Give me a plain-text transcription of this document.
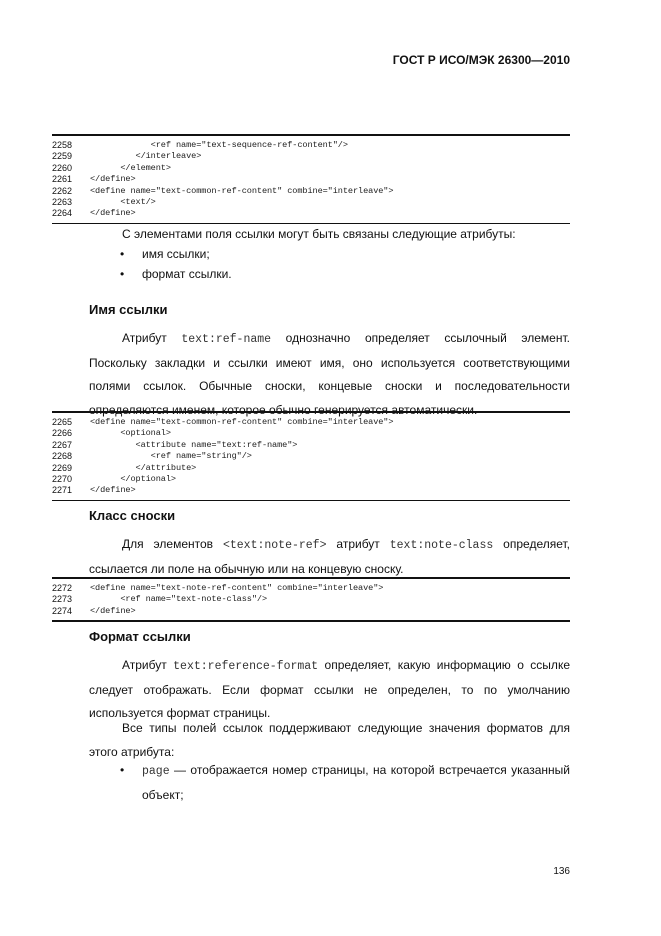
ГОСТ Р ИСО/МЭК 26300—2010
2258	<ref name="text-sequence-ref-content"/>
2259	</interleave>
2260	</element>
2261	</define>
2262	<define name="text-common-ref-content" combine="interleave">
2263	<text/>
2264	</define>
С элементами поля ссылки могут быть связаны следующие атрибуты:
• имя ссылки;
• формат ссылки.
Имя ссылки
Атрибут text:ref-name однозначно определяет ссылочный элемент. Поскольку закладки и ссылки имеют имя, оно используется соответствующими полями ссылок. Обычные сноски, концевые сноски и последовательности определяются именем, которое обычно генерируется автоматически.
2265	<define name="text-common-ref-content" combine="interleave">
2266	<optional>
2267	<attribute name="text:ref-name">
2268	<ref name="string"/>
2269	</attribute>
2270	</optional>
2271	</define>
Класс сноски
Для элементов <text:note-ref> атрибут text:note-class определяет, ссылается ли поле на обычную или на концевую сноску.
2272	<define name="text-note-ref-content" combine="interleave">
2273	<ref name="text-note-class"/>
2274	</define>
Формат ссылки
Атрибут text:reference-format определяет, какую информацию о ссылке следует отображать. Если формат ссылки не определен, то по умолчанию используется формат страницы.
Все типы полей ссылок поддерживают следующие значения форматов для этого атрибута:
• page — отображается номер страницы, на которой встречается указанный объект;
136
